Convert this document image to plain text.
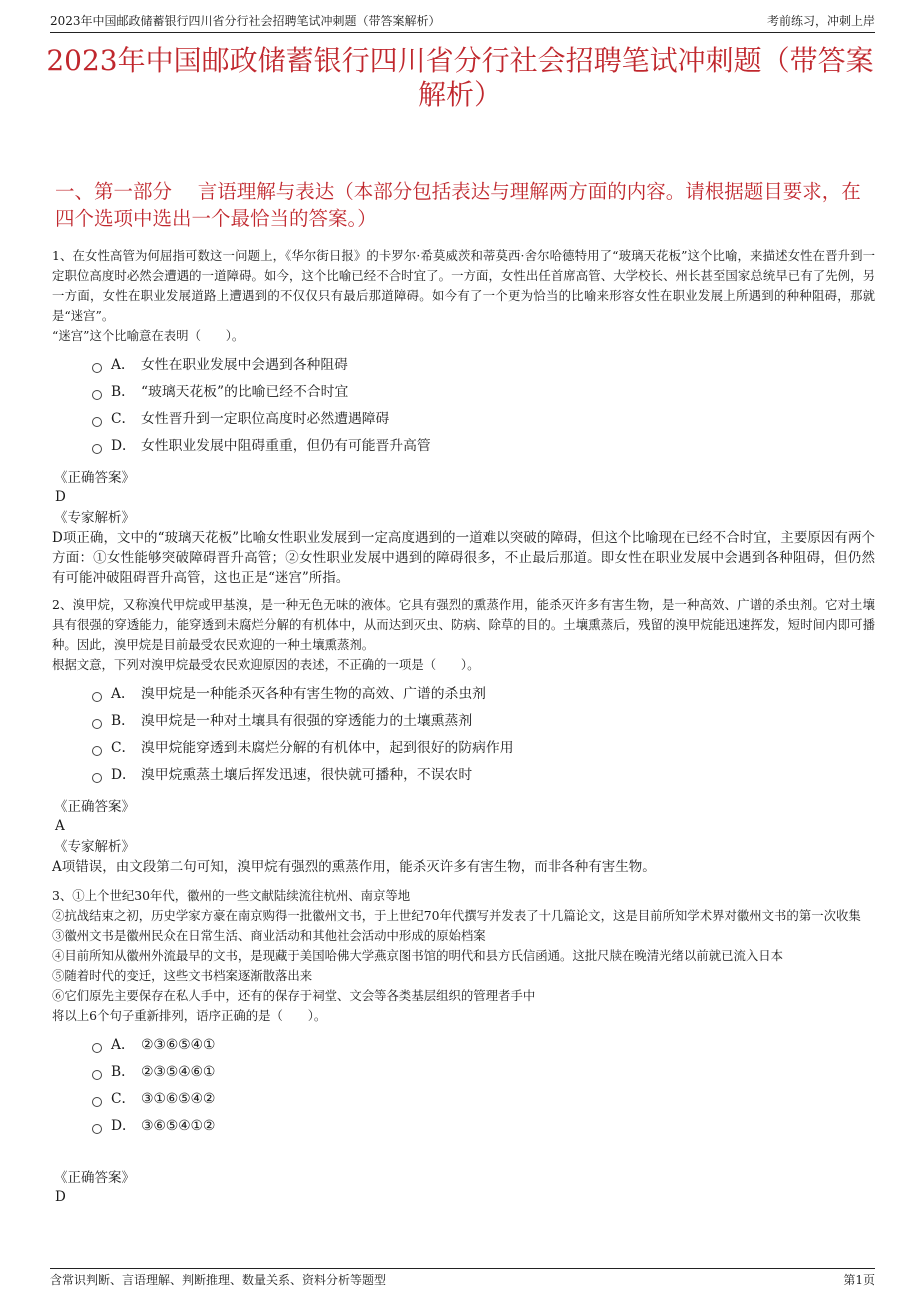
2023年中国邮政储蓄银行四川省分行社会招聘笔试冲刺题（带答案解析）	考前练习，冲刺上岸
2023年中国邮政储蓄银行四川省分行社会招聘笔试冲刺题（带答案解析）
一、第一部分　 言语理解与表达（本部分包括表达与理解两方面的内容。请根据题目要求，在四个选项中选出一个最恰当的答案。）

1、在女性高管为何屈指可数这一问题上，《华尔街日报》的卡罗尔·希莫威茨和蒂莫西·舍尔哈德特用了“玻璃天花板”这个比喻，来描述女性在晋升到一定职位高度时必然会遭遇的一道障碍。如今，这个比喻已经不合时宜了。一方面，女性出任首席高管、大学校长、州长甚至国家总统早已有了先例，另一方面，女性在职业发展道路上遭遇到的不仅仅只有最后那道障碍。如今有了一个更为恰当的比喻来形容女性在职业发展上所遇到的种种阻碍，那就是“迷宫”。

“迷宫”这个比喻意在表明（　　）。

A． 女性在职业发展中会遇到各种阻碍
B． “玻璃天花板”的比喻已经不合时宜
C． 女性晋升到一定职位高度时必然遭遇障碍
D． 女性职业发展中阻碍重重，但仍有可能晋升高管

《正确答案》

D

《专家解析》

D项正确，文中的“玻璃天花板”比喻女性职业发展到一定高度遇到的一道难以突破的障碍，但这个比喻现在已经不合时宜，主要原因有两个方面：①女性能够突破障碍晋升高管；②女性职业发展中遇到的障碍很多，不止最后那道。即女性在职业发展中会遇到各种阻碍，但仍然有可能冲破阻碍晋升高管，这也正是“迷宫”所指。

2、溴甲烷，又称溴代甲烷或甲基溴，是一种无色无味的液体。它具有强烈的熏蒸作用，能杀灭许多有害生物，是一种高效、广谱的杀虫剂。它对土壤具有很强的穿透能力，能穿透到未腐烂分解的有机体中，从而达到灭虫、防病、除草的目的。土壤熏蒸后，残留的溴甲烷能迅速挥发，短时间内即可播种。因此，溴甲烷是目前最受农民欢迎的一种土壤熏蒸剂。

根据文意，下列对溴甲烷最受农民欢迎原因的表述，不正确的一项是（　　）。

A． 溴甲烷是一种能杀灭各种有害生物的高效、广谱的杀虫剂
B． 溴甲烷是一种对土壤具有很强的穿透能力的土壤熏蒸剂
C． 溴甲烷能穿透到未腐烂分解的有机体中，起到很好的防病作用
D． 溴甲烷熏蒸土壤后挥发迅速，很快就可播种，不误农时

《正确答案》

A

《专家解析》

A项错误，由文段第二句可知，溴甲烷有强烈的熏蒸作用，能杀灭许多有害生物，而非各种有害生物。

3、①上个世纪30年代，徽州的一些文献陆续流往杭州、南京等地

②抗战结束之初，历史学家方豪在南京购得一批徽州文书，于上世纪70年代撰写并发表了十几篇论文，这是目前所知学术界对徽州文书的第一次收集

③徽州文书是徽州民众在日常生活、商业活动和其他社会活动中形成的原始档案

④目前所知从徽州外流最早的文书，是现藏于美国哈佛大学燕京图书馆的明代和县方氏信函通。这批尺牍在晚清光绪以前就已流入日本

⑤随着时代的变迁，这些文书档案逐渐散落出来

⑥它们原先主要保存在私人手中，还有的保存于祠堂、文会等各类基层组织的管理者手中

将以上6个句子重新排列，语序正确的是（　　）。

A． ②③⑥⑤④①
B． ②③⑤④⑥①
C． ③①⑥⑤④②
D． ③⑥⑤④①②

《正确答案》

D

含常识判断、言语理解、判断推理、数量关系、资料分析等题型	第1页
